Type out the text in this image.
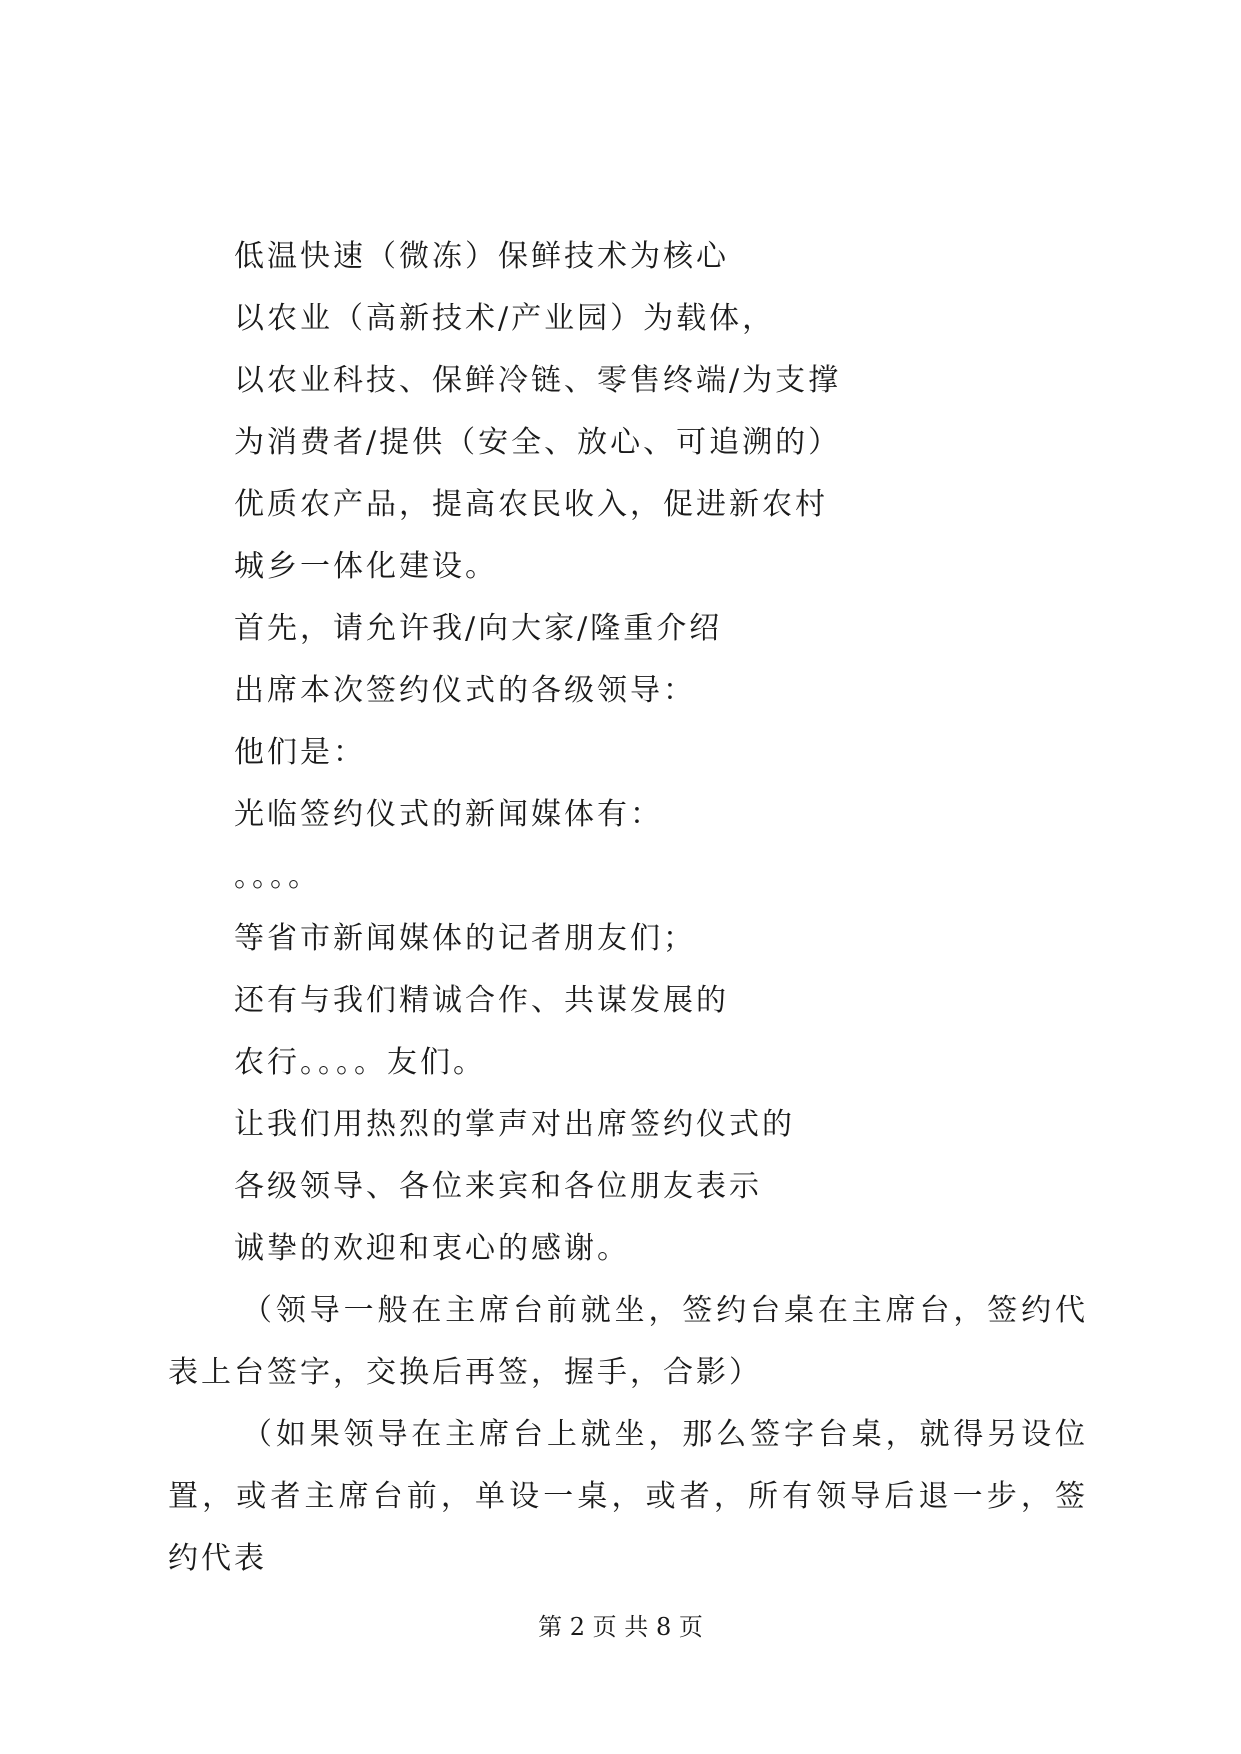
低温快速（微冻）保鲜技术为核心
以农业（高新技术/产业园）为载体，
以农业科技、保鲜冷链、零售终端/为支撑
为消费者/提供（安全、放心、可追溯的）
优质农产品，提高农民收入，促进新农村
城乡一体化建设。
首先，请允许我/向大家/隆重介绍
出席本次签约仪式的各级领导：
他们是：
光临签约仪式的新闻媒体有：
。。。。
等省市新闻媒体的记者朋友们；
还有与我们精诚合作、共谋发展的
农行。。。。友们。
让我们用热烈的掌声对出席签约仪式的
各级领导、各位来宾和各位朋友表示
诚挚的欢迎和衷心的感谢。
（领导一般在主席台前就坐，签约台桌在主席台，签约代表上台签字，交换后再签，握手，合影）
（如果领导在主席台上就坐，那么签字台桌，就得另设位置，或者主席台前，单设一桌，或者，所有领导后退一步，签约代表
第 2 页 共 8 页
